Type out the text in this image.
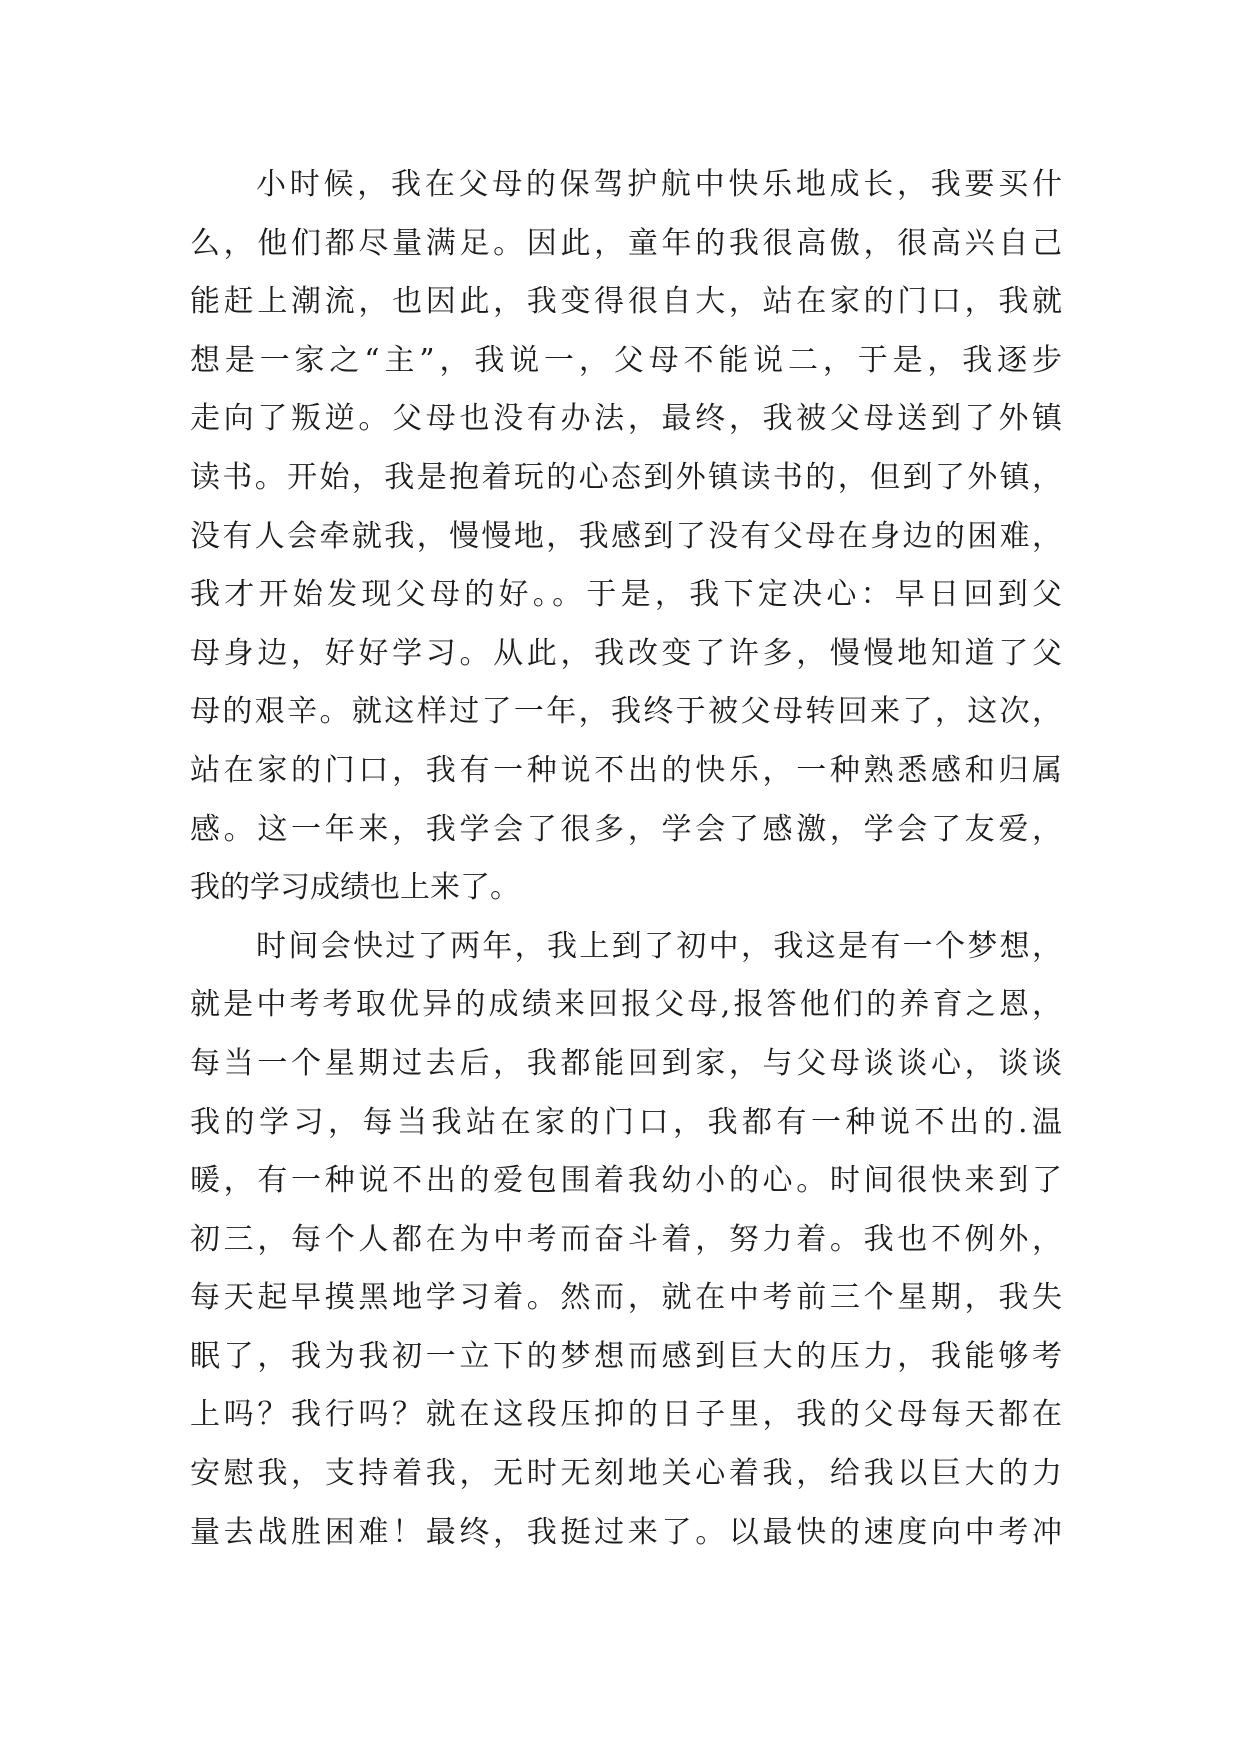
小时候，我在父母的保驾护航中快乐地成长，我要买什
么，他们都尽量满足。因此，童年的我很高傲，很高兴自己
能赶上潮流，也因此，我变得很自大，站在家的门口，我就
想是一家之“主”，我说一，父母不能说二，于是，我逐步
走向了叛逆。父母也没有办法，最终，我被父母送到了外镇
读书。开始，我是抱着玩的心态到外镇读书的，但到了外镇，
没有人会牵就我，慢慢地，我感到了没有父母在身边的困难，
我才开始发现父母的好。。于是，我下定决心：早日回到父
母身边，好好学习。从此，我改变了许多，慢慢地知道了父
母的艰辛。就这样过了一年，我终于被父母转回来了，这次，
站在家的门口，我有一种说不出的快乐，一种熟悉感和归属
感。这一年来，我学会了很多，学会了感激，学会了友爱，
我的学习成绩也上来了。
时间会快过了两年，我上到了初中，我这是有一个梦想，
就是中考考取优异的成绩来回报父母,报答他们的养育之恩，
每当一个星期过去后，我都能回到家，与父母谈谈心，谈谈
我的学习，每当我站在家的门口，我都有一种说不出的.温
暖，有一种说不出的爱包围着我幼小的心。时间很快来到了
初三，每个人都在为中考而奋斗着，努力着。我也不例外，
每天起早摸黑地学习着。然而，就在中考前三个星期，我失
眠了，我为我初一立下的梦想而感到巨大的压力，我能够考
上吗？我行吗？就在这段压抑的日子里，我的父母每天都在
安慰我，支持着我，无时无刻地关心着我，给我以巨大的力
量去战胜困难！最终，我挺过来了。以最快的速度向中考冲
